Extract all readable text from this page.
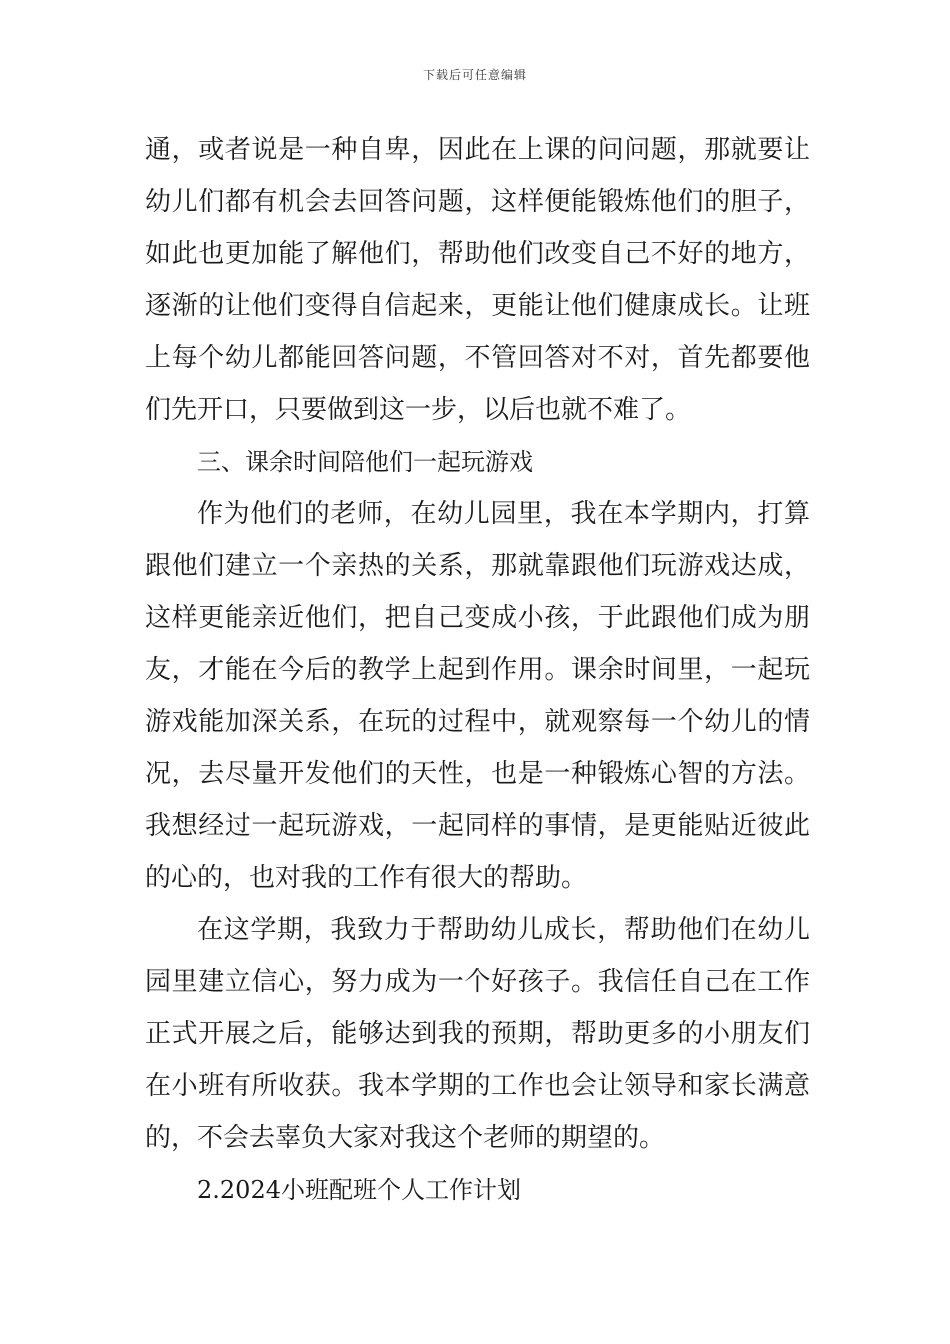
下载后可任意编辑
通，或者说是一种自卑，因此在上课的问问题，那就要让
幼儿们都有机会去回答问题，这样便能锻炼他们的胆子，
如此也更加能了解他们，帮助他们改变自己不好的地方，
逐渐的让他们变得自信起来，更能让他们健康成长。让班
上每个幼儿都能回答问题，不管回答对不对，首先都要他
们先开口，只要做到这一步，以后也就不难了。
三、课余时间陪他们一起玩游戏
作为他们的老师，在幼儿园里，我在本学期内，打算
跟他们建立一个亲热的关系，那就靠跟他们玩游戏达成，
这样更能亲近他们，把自己变成小孩，于此跟他们成为朋
友，才能在今后的教学上起到作用。课余时间里，一起玩
游戏能加深关系，在玩的过程中，就观察每一个幼儿的情
况，去尽量开发他们的天性，也是一种锻炼心智的方法。
我想经过一起玩游戏，一起同样的事情，是更能贴近彼此
的心的，也对我的工作有很大的帮助。
在这学期，我致力于帮助幼儿成长，帮助他们在幼儿
园里建立信心，努力成为一个好孩子。我信任自己在工作
正式开展之后，能够达到我的预期，帮助更多的小朋友们
在小班有所收获。我本学期的工作也会让领导和家长满意
的，不会去辜负大家对我这个老师的期望的。
2.2024小班配班个人工作计划
